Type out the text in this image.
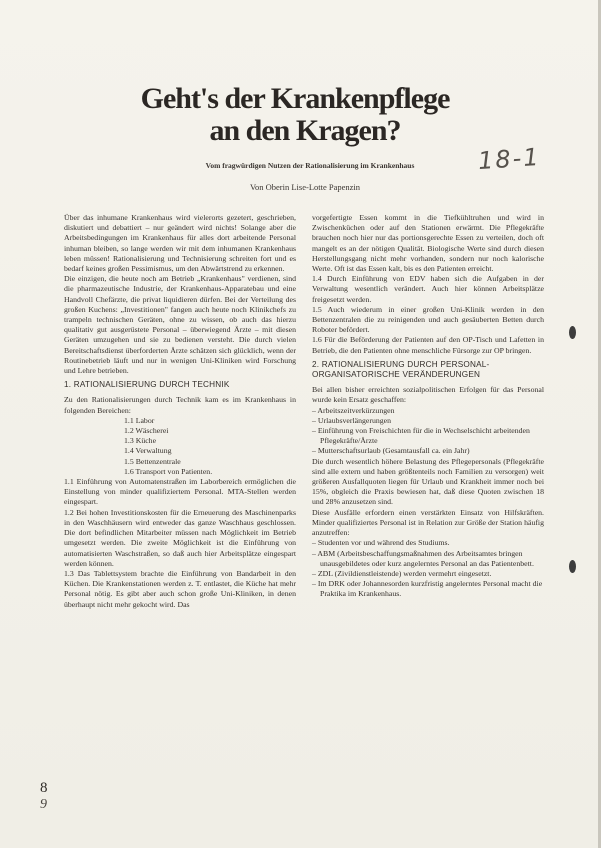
Geht's der Krankenpflege
an den Kragen?

Vom fragwürdigen Nutzen der Rationalisierung im Krankenhaus

Von Oberin Lise-Lotte Papenzin

18-1

Über das inhumane Krankenhaus wird vielerorts gezetert, geschrieben, diskutiert und debattiert – nur geändert wird nichts! Solange aber die Arbeitsbedingungen im Krankenhaus für alles dort arbeitende Personal inhuman bleiben, so lange werden wir mit dem inhumanen Krankenhaus leben müssen! Rationalisierung und Technisierung schreiten fort und es bedarf keines großen Pessimismus, um den Abwärtstrend zu erkennen.

Die einzigen, die heute noch am Betrieb „Krankenhaus" verdienen, sind die pharmazeutische Industrie, der Krankenhaus-Apparatebau und eine Handvoll Chefärzte, die privat liquidieren dürfen. Bei der Verteilung des großen Kuchens: „Investitionen" fangen auch heute noch Klinikchefs zu trampeln technischen Geräten, ohne zu wissen, ob auch das hierzu qualitativ gut ausgerüstete Personal – überwiegend Ärzte – mit diesen Geräten umzugehen und sie zu bedienen versteht. Die durch vielen Bereitschaftsdienst überforderten Ärzte schätzen sich glücklich, wenn der Routinebetrieb läuft und nur in wenigen Uni-Kliniken wird Forschung und Lehre betrieben.

1. RATIONALISIERUNG DURCH TECHNIK

Zu den Rationalisierungen durch Technik kam es im Krankenhaus in folgenden Bereichen:

1.1 Labor
1.2 Wäscherei
1.3 Küche
1.4 Verwaltung
1.5 Bettenzentrale
1.6 Transport von Patienten.

1.1 Einführung von Automatenstraßen im Laborbereich ermöglichen die Einstellung von minder qualifiziertem Personal. MTA-Stellen werden eingespart.

1.2 Bei hohen Investitionskosten für die Erneuerung des Maschinenparks in den Waschhäusern wird entweder das ganze Waschhaus geschlossen. Die dort befindlichen Mitarbeiter müssen nach Möglichkeit im Betrieb umgesetzt werden. Die zweite Möglichkeit ist die Einführung von automatisierten Waschstraßen, so daß auch hier Arbeitsplätze eingespart werden können.

1.3 Das Tablettsystem brachte die Einführung von Bandarbeit in den Küchen. Die Krankenstationen werden z. T. entlastet, die Küche hat mehr Personal nötig. Es gibt aber auch schon große Uni-Kliniken, in denen überhaupt nicht mehr gekocht wird. Das

vorgefertigte Essen kommt in die Tiefkühltruhen und wird in Zwischenküchen oder auf den Stationen erwärmt. Die Pflegekräfte brauchen noch hier nur das portionsgerechte Essen zu verteilen, doch oft mangelt es an der nötigen Qualität. Biologische Werte sind durch diesen Herstellungsgang nicht mehr vorhanden, sondern nur noch kalorische Werte. Oft ist das Essen kalt, bis es den Patienten erreicht.

1.4 Durch Einführung von EDV haben sich die Aufgaben in der Verwaltung wesentlich verändert. Auch hier können Arbeitsplätze freigesetzt werden.

1.5 Auch wiederum in einer großen Uni-Klinik werden in den Bettenzentralen die zu reinigenden und auch gesäuberten Betten durch Roboter befördert.

1.6 Für die Beförderung der Patienten auf den OP-Tisch und Lafetten in Betrieb, die den Patienten ohne menschliche Fürsorge zur OP bringen.

2. RATIONALISIERUNG DURCH PERSONAL-ORGANISATORISCHE VERÄNDERUNGEN

Bei allen bisher erreichten sozialpolitischen Erfolgen für das Personal wurde kein Ersatz geschaffen:

– Arbeitszeitverkürzungen
– Urlaubsverlängerungen
– Einführung von Freischichten für die in Wechselschicht arbeitenden Pflegekräfte/Ärzte
– Mutterschaftsurlaub (Gesamtausfall ca. ein Jahr)

Die durch wesentlich höhere Belastung des Pflegepersonals (Pflegekräfte sind alle extern und haben größtenteils noch Familien zu versorgen) weit größeren Ausfallquoten liegen für Urlaub und Krankheit immer noch bei 15%, obgleich die Praxis bewiesen hat, daß diese Quoten zwischen 18 und 28% anzusetzen sind.

Diese Ausfälle erfordern einen verstärkten Einsatz von Hilfskräften. Minder qualifiziertes Personal ist in Relation zur Größe der Station häufig anzutreffen:

– Studenten vor und während des Studiums.
– ABM (Arbeitsbeschaffungsmaßnahmen des Arbeitsamtes bringen unausgebildetes oder kurz angelerntes Personal an das Patientenbett.
– ZDL (Zivildienstleistende) werden vermehrt eingesetzt.
– Im DRK oder Johannesorden kurzfristig angelerntes Personal macht die Praktika im Krankenhaus.
8
9
